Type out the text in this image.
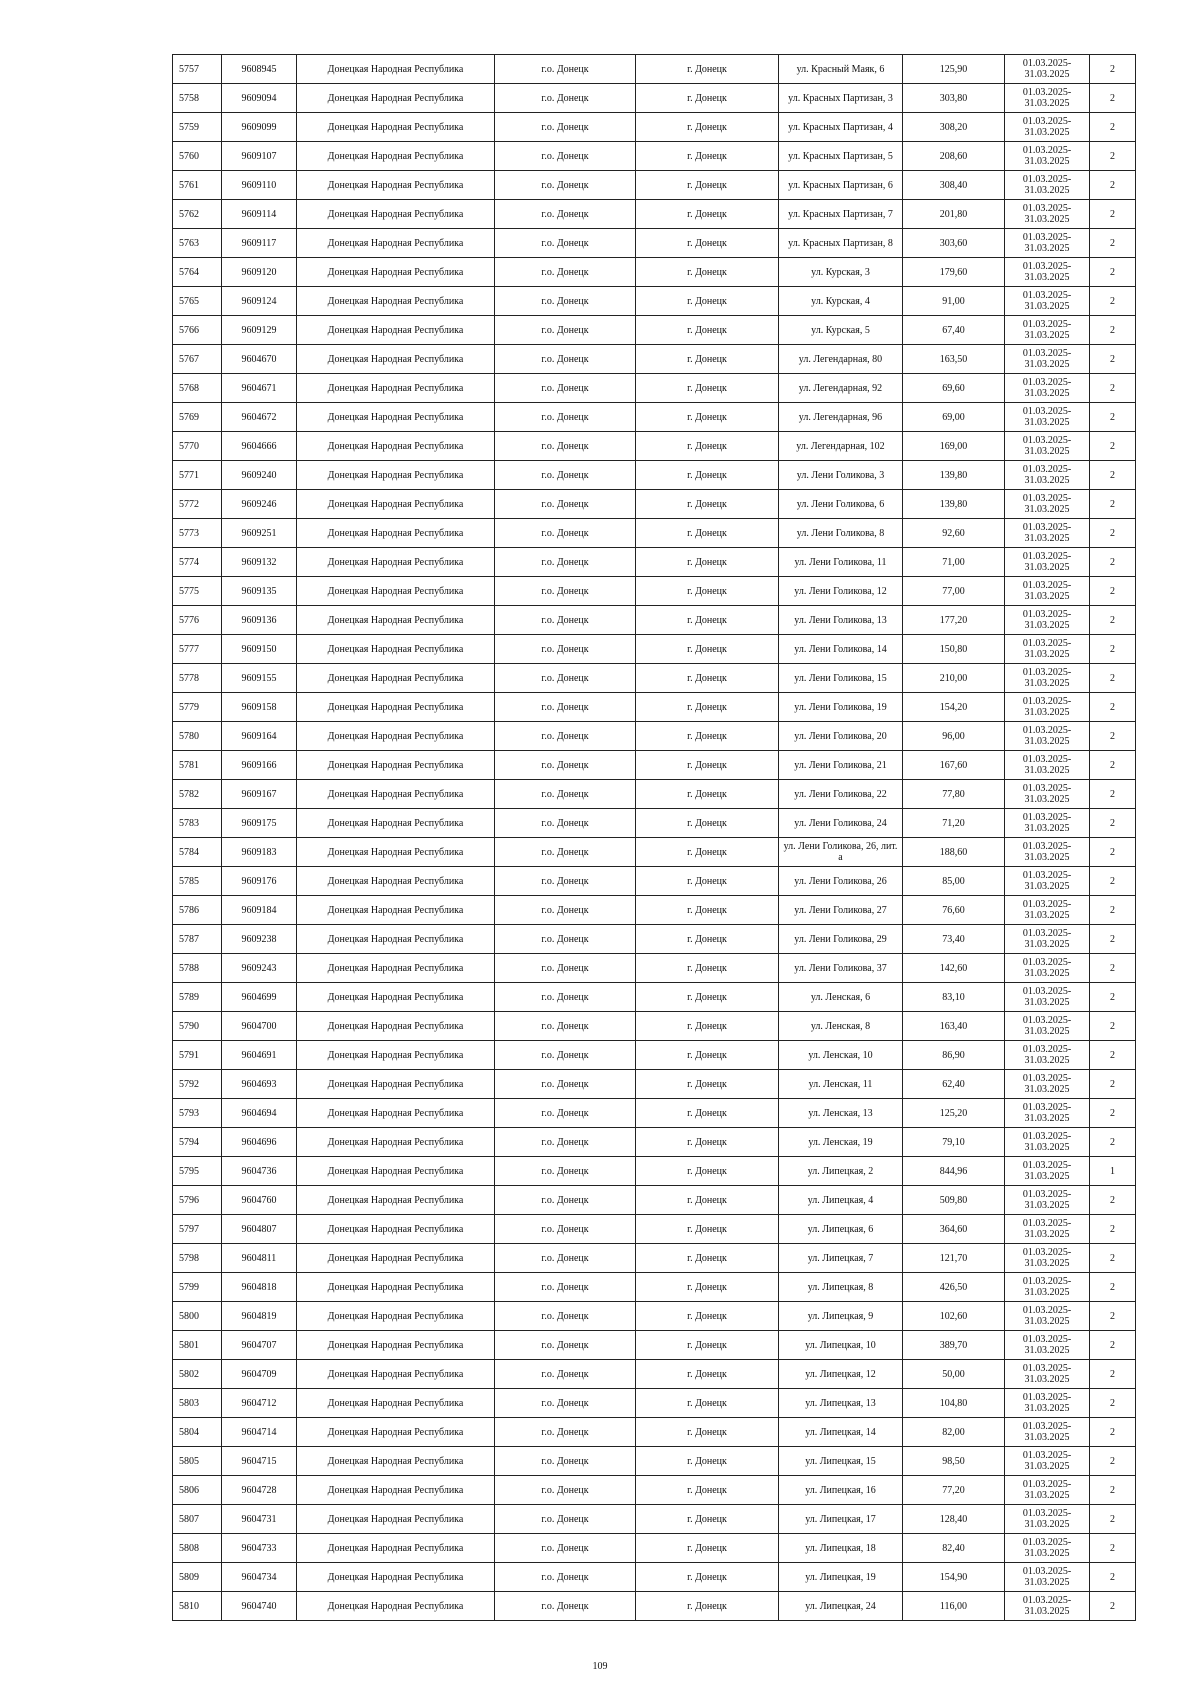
5757	9608945	Донецкая Народная Республика	г.о. Донецк	г. Донецк	ул. Красный Маяк, 6	125,90	01.03.2025- 31.03.2025	2
5758	9609094	Донецкая Народная Республика	г.о. Донецк	г. Донецк	ул. Красных Партизан, 3	303,80	01.03.2025- 31.03.2025	2
5759	9609099	Донецкая Народная Республика	г.о. Донецк	г. Донецк	ул. Красных Партизан, 4	308,20	01.03.2025- 31.03.2025	2
5760	9609107	Донецкая Народная Республика	г.о. Донецк	г. Донецк	ул. Красных Партизан, 5	208,60	01.03.2025- 31.03.2025	2
5761	9609110	Донецкая Народная Республика	г.о. Донецк	г. Донецк	ул. Красных Партизан, 6	308,40	01.03.2025- 31.03.2025	2
5762	9609114	Донецкая Народная Республика	г.о. Донецк	г. Донецк	ул. Красных Партизан, 7	201,80	01.03.2025- 31.03.2025	2
5763	9609117	Донецкая Народная Республика	г.о. Донецк	г. Донецк	ул. Красных Партизан, 8	303,60	01.03.2025- 31.03.2025	2
5764	9609120	Донецкая Народная Республика	г.о. Донецк	г. Донецк	ул. Курская, 3	179,60	01.03.2025- 31.03.2025	2
5765	9609124	Донецкая Народная Республика	г.о. Донецк	г. Донецк	ул. Курская, 4	91,00	01.03.2025- 31.03.2025	2
5766	9609129	Донецкая Народная Республика	г.о. Донецк	г. Донецк	ул. Курская, 5	67,40	01.03.2025- 31.03.2025	2
5767	9604670	Донецкая Народная Республика	г.о. Донецк	г. Донецк	ул. Легендарная, 80	163,50	01.03.2025- 31.03.2025	2
5768	9604671	Донецкая Народная Республика	г.о. Донецк	г. Донецк	ул. Легендарная, 92	69,60	01.03.2025- 31.03.2025	2
5769	9604672	Донецкая Народная Республика	г.о. Донецк	г. Донецк	ул. Легендарная, 96	69,00	01.03.2025- 31.03.2025	2
5770	9604666	Донецкая Народная Республика	г.о. Донецк	г. Донецк	ул. Легендарная, 102	169,00	01.03.2025- 31.03.2025	2
5771	9609240	Донецкая Народная Республика	г.о. Донецк	г. Донецк	ул. Лени Голикова, 3	139,80	01.03.2025- 31.03.2025	2
5772	9609246	Донецкая Народная Республика	г.о. Донецк	г. Донецк	ул. Лени Голикова, 6	139,80	01.03.2025- 31.03.2025	2
5773	9609251	Донецкая Народная Республика	г.о. Донецк	г. Донецк	ул. Лени Голикова, 8	92,60	01.03.2025- 31.03.2025	2
5774	9609132	Донецкая Народная Республика	г.о. Донецк	г. Донецк	ул. Лени Голикова, 11	71,00	01.03.2025- 31.03.2025	2
5775	9609135	Донецкая Народная Республика	г.о. Донецк	г. Донецк	ул. Лени Голикова, 12	77,00	01.03.2025- 31.03.2025	2
5776	9609136	Донецкая Народная Республика	г.о. Донецк	г. Донецк	ул. Лени Голикова, 13	177,20	01.03.2025- 31.03.2025	2
5777	9609150	Донецкая Народная Республика	г.о. Донецк	г. Донецк	ул. Лени Голикова, 14	150,80	01.03.2025- 31.03.2025	2
5778	9609155	Донецкая Народная Республика	г.о. Донецк	г. Донецк	ул. Лени Голикова, 15	210,00	01.03.2025- 31.03.2025	2
5779	9609158	Донецкая Народная Республика	г.о. Донецк	г. Донецк	ул. Лени Голикова, 19	154,20	01.03.2025- 31.03.2025	2
5780	9609164	Донецкая Народная Республика	г.о. Донецк	г. Донецк	ул. Лени Голикова, 20	96,00	01.03.2025- 31.03.2025	2
5781	9609166	Донецкая Народная Республика	г.о. Донецк	г. Донецк	ул. Лени Голикова, 21	167,60	01.03.2025- 31.03.2025	2
5782	9609167	Донецкая Народная Республика	г.о. Донецк	г. Донецк	ул. Лени Голикова, 22	77,80	01.03.2025- 31.03.2025	2
5783	9609175	Донецкая Народная Республика	г.о. Донецк	г. Донецк	ул. Лени Голикова, 24	71,20	01.03.2025- 31.03.2025	2
5784	9609183	Донецкая Народная Республика	г.о. Донецк	г. Донецк	ул. Лени Голикова, 26, лит. а	188,60	01.03.2025- 31.03.2025	2
5785	9609176	Донецкая Народная Республика	г.о. Донецк	г. Донецк	ул. Лени Голикова, 26	85,00	01.03.2025- 31.03.2025	2
5786	9609184	Донецкая Народная Республика	г.о. Донецк	г. Донецк	ул. Лени Голикова, 27	76,60	01.03.2025- 31.03.2025	2
5787	9609238	Донецкая Народная Республика	г.о. Донецк	г. Донецк	ул. Лени Голикова, 29	73,40	01.03.2025- 31.03.2025	2
5788	9609243	Донецкая Народная Республика	г.о. Донецк	г. Донецк	ул. Лени Голикова, 37	142,60	01.03.2025- 31.03.2025	2
5789	9604699	Донецкая Народная Республика	г.о. Донецк	г. Донецк	ул. Ленская, 6	83,10	01.03.2025- 31.03.2025	2
5790	9604700	Донецкая Народная Республика	г.о. Донецк	г. Донецк	ул. Ленская, 8	163,40	01.03.2025- 31.03.2025	2
5791	9604691	Донецкая Народная Республика	г.о. Донецк	г. Донецк	ул. Ленская, 10	86,90	01.03.2025- 31.03.2025	2
5792	9604693	Донецкая Народная Республика	г.о. Донецк	г. Донецк	ул. Ленская, 11	62,40	01.03.2025- 31.03.2025	2
5793	9604694	Донецкая Народная Республика	г.о. Донецк	г. Донецк	ул. Ленская, 13	125,20	01.03.2025- 31.03.2025	2
5794	9604696	Донецкая Народная Республика	г.о. Донецк	г. Донецк	ул. Ленская, 19	79,10	01.03.2025- 31.03.2025	2
5795	9604736	Донецкая Народная Республика	г.о. Донецк	г. Донецк	ул. Липецкая, 2	844,96	01.03.2025- 31.03.2025	1
5796	9604760	Донецкая Народная Республика	г.о. Донецк	г. Донецк	ул. Липецкая, 4	509,80	01.03.2025- 31.03.2025	2
5797	9604807	Донецкая Народная Республика	г.о. Донецк	г. Донецк	ул. Липецкая, 6	364,60	01.03.2025- 31.03.2025	2
5798	9604811	Донецкая Народная Республика	г.о. Донецк	г. Донецк	ул. Липецкая, 7	121,70	01.03.2025- 31.03.2025	2
5799	9604818	Донецкая Народная Республика	г.о. Донецк	г. Донецк	ул. Липецкая, 8	426,50	01.03.2025- 31.03.2025	2
5800	9604819	Донецкая Народная Республика	г.о. Донецк	г. Донецк	ул. Липецкая, 9	102,60	01.03.2025- 31.03.2025	2
5801	9604707	Донецкая Народная Республика	г.о. Донецк	г. Донецк	ул. Липецкая, 10	389,70	01.03.2025- 31.03.2025	2
5802	9604709	Донецкая Народная Республика	г.о. Донецк	г. Донецк	ул. Липецкая, 12	50,00	01.03.2025- 31.03.2025	2
5803	9604712	Донецкая Народная Республика	г.о. Донецк	г. Донецк	ул. Липецкая, 13	104,80	01.03.2025- 31.03.2025	2
5804	9604714	Донецкая Народная Республика	г.о. Донецк	г. Донецк	ул. Липецкая, 14	82,00	01.03.2025- 31.03.2025	2
5805	9604715	Донецкая Народная Республика	г.о. Донецк	г. Донецк	ул. Липецкая, 15	98,50	01.03.2025- 31.03.2025	2
5806	9604728	Донецкая Народная Республика	г.о. Донецк	г. Донецк	ул. Липецкая, 16	77,20	01.03.2025- 31.03.2025	2
5807	9604731	Донецкая Народная Республика	г.о. Донецк	г. Донецк	ул. Липецкая, 17	128,40	01.03.2025- 31.03.2025	2
5808	9604733	Донецкая Народная Республика	г.о. Донецк	г. Донецк	ул. Липецкая, 18	82,40	01.03.2025- 31.03.2025	2
5809	9604734	Донецкая Народная Республика	г.о. Донецк	г. Донецк	ул. Липецкая, 19	154,90	01.03.2025- 31.03.2025	2
5810	9604740	Донецкая Народная Республика	г.о. Донецк	г. Донецк	ул. Липецкая, 24	116,00	01.03.2025- 31.03.2025	2
109
